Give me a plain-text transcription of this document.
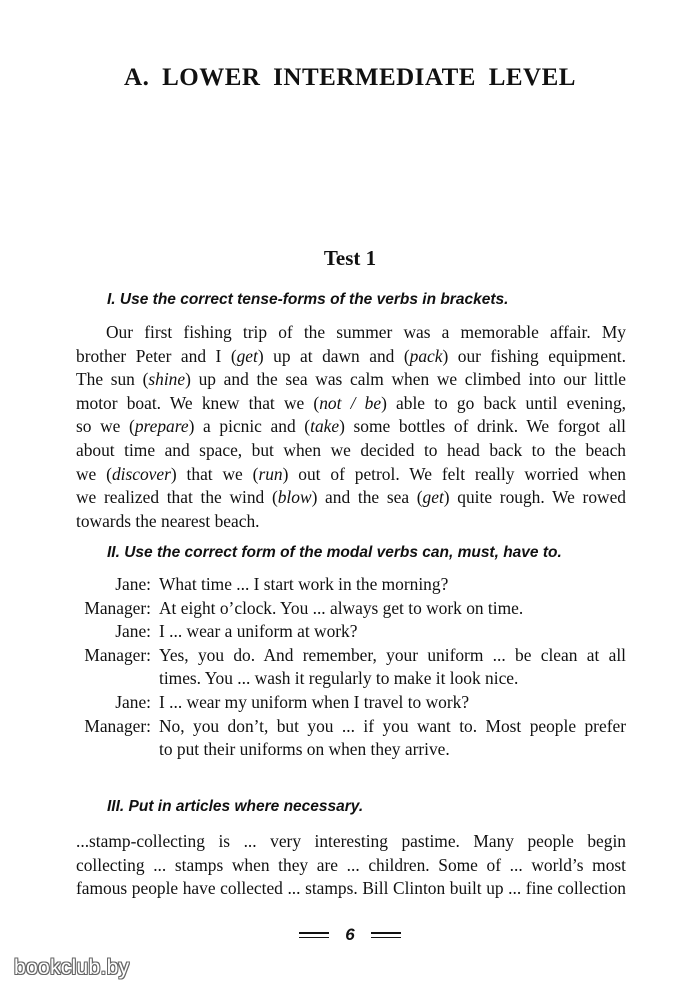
A. LOWER INTERMEDIATE LEVEL
Test 1
I. Use the correct tense-forms of the verbs in brackets.
Our first fishing trip of the summer was a memorable affair. My
brother Peter and I (get) up at dawn and (pack) our fishing equipment.
The sun (shine) up and the sea was calm when we climbed into our little
motor boat. We knew that we (not / be) able to go back until evening,
so we (prepare) a picnic and (take) some bottles of drink. We forgot all
about time and space, but when we decided to head back to the beach
we (discover) that we (run) out of petrol. We felt really worried when
we realized that the wind (blow) and the sea (get) quite rough. We rowed
towards the nearest beach.
II. Use the correct form of the modal verbs can, must, have to.
Jane: What time ... I start work in the morning?
Manager: At eight o’clock. You ... always get to work on time.
Jane: I ... wear a uniform at work?
Manager: Yes, you do. And remember, your uniform ... be clean at all
times. You ... wash it regularly to make it look nice.
Jane: I ... wear my uniform when I travel to work?
Manager: No, you don’t, but you ... if you want to. Most people prefer
to put their uniforms on when they arrive.
III. Put in articles where necessary.
...stamp-collecting is ... very interesting pastime. Many people begin
collecting ... stamps when they are ... children. Some of ... world’s most
famous people have collected ... stamps. Bill Clinton built up ... fine collection
6
bookclub.by
